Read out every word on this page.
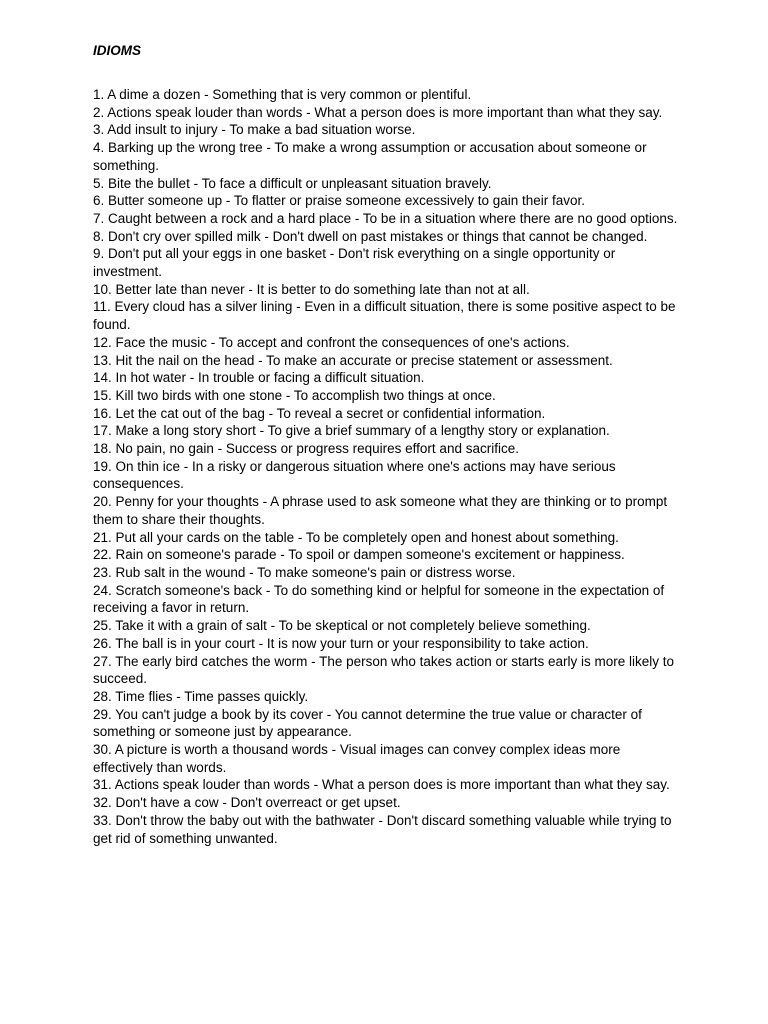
IDIOMS
1. A dime a dozen - Something that is very common or plentiful.
2. Actions speak louder than words - What a person does is more important than what they say.
3. Add insult to injury - To make a bad situation worse.
4. Barking up the wrong tree - To make a wrong assumption or accusation about someone or something.
5. Bite the bullet - To face a difficult or unpleasant situation bravely.
6. Butter someone up - To flatter or praise someone excessively to gain their favor.
7. Caught between a rock and a hard place - To be in a situation where there are no good options.
8. Don't cry over spilled milk - Don't dwell on past mistakes or things that cannot be changed.
9. Don't put all your eggs in one basket - Don't risk everything on a single opportunity or investment.
10. Better late than never - It is better to do something late than not at all.
11. Every cloud has a silver lining - Even in a difficult situation, there is some positive aspect to be found.
12. Face the music - To accept and confront the consequences of one's actions.
13. Hit the nail on the head - To make an accurate or precise statement or assessment.
14. In hot water - In trouble or facing a difficult situation.
15. Kill two birds with one stone - To accomplish two things at once.
16. Let the cat out of the bag - To reveal a secret or confidential information.
17. Make a long story short - To give a brief summary of a lengthy story or explanation.
18. No pain, no gain - Success or progress requires effort and sacrifice.
19. On thin ice - In a risky or dangerous situation where one's actions may have serious consequences.
20. Penny for your thoughts - A phrase used to ask someone what they are thinking or to prompt them to share their thoughts.
21. Put all your cards on the table - To be completely open and honest about something.
22. Rain on someone's parade - To spoil or dampen someone's excitement or happiness.
23. Rub salt in the wound - To make someone's pain or distress worse.
24. Scratch someone's back - To do something kind or helpful for someone in the expectation of receiving a favor in return.
25. Take it with a grain of salt - To be skeptical or not completely believe something.
26. The ball is in your court - It is now your turn or your responsibility to take action.
27. The early bird catches the worm - The person who takes action or starts early is more likely to succeed.
28. Time flies - Time passes quickly.
29. You can't judge a book by its cover - You cannot determine the true value or character of something or someone just by appearance.
30. A picture is worth a thousand words - Visual images can convey complex ideas more effectively than words.
31. Actions speak louder than words - What a person does is more important than what they say.
32. Don't have a cow - Don't overreact or get upset.
33. Don't throw the baby out with the bathwater - Don't discard something valuable while trying to get rid of something unwanted.
